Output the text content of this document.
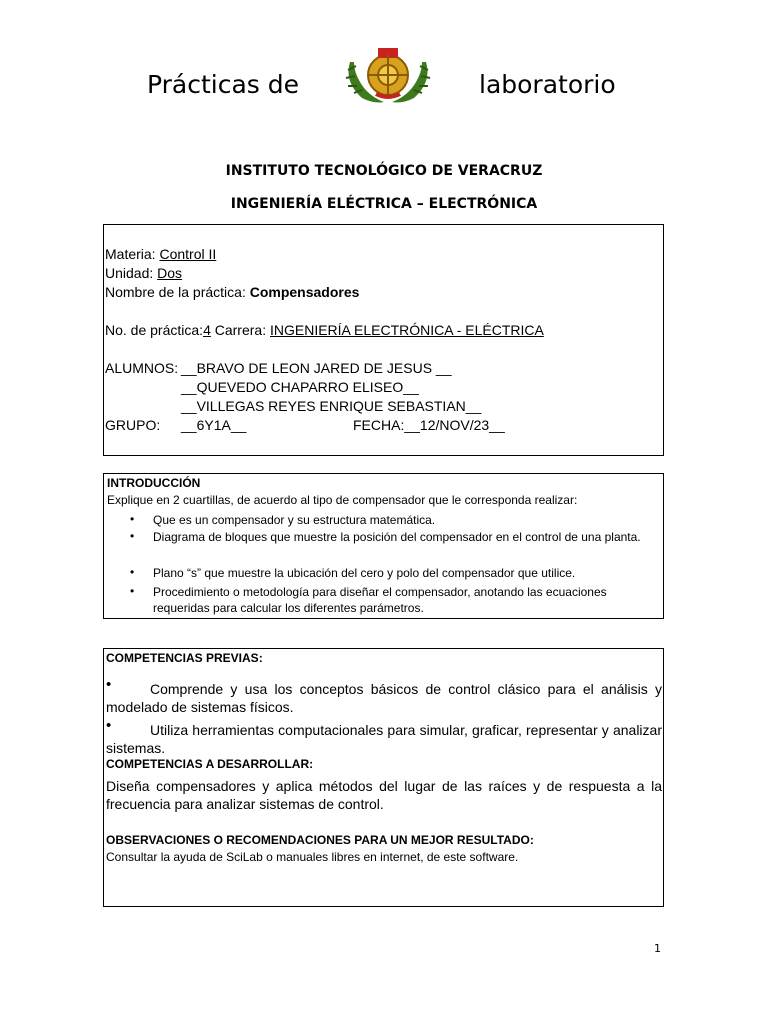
Prácticas de	laboratorio
INSTITUTO TECNOLÓGICO DE VERACRUZ
INGENIERÍA ELÉCTRICA – ELECTRÓNICA
Materia: Control II
Unidad: Dos
Nombre de la práctica: Compensadores
No. de práctica:4 Carrera: INGENIERÍA ELECTRÓNICA - ELÉCTRICA
ALUMNOS: __BRAVO DE LEON JARED DE JESUS __
__QUEVEDO CHAPARRO ELISEO__
__VILLEGAS REYES ENRIQUE SEBASTIAN__
GRUPO: __6Y1A__	FECHA:__12/NOV/23__
INTRODUCCIÓN
Explique en 2 cuartillas, de acuerdo al tipo de compensador que le corresponda realizar:
• Que es un compensador y su estructura matemática.
• Diagrama de bloques que muestre la posición del compensador en el control de una planta.
• Plano “s” que muestre la ubicación del cero y polo del compensador que utilice.
• Procedimiento o metodología para diseñar el compensador, anotando las ecuaciones requeridas para calcular los diferentes parámetros.
COMPETENCIAS PREVIAS:
•	Comprende y usa los conceptos básicos de control clásico para el análisis y modelado de sistemas físicos.
•	Utiliza herramientas computacionales para simular, graficar, representar y analizar sistemas.
COMPETENCIAS A DESARROLLAR:
Diseña compensadores y aplica métodos del lugar de las raíces y de respuesta a la frecuencia para analizar sistemas de control.
OBSERVACIONES O RECOMENDACIONES PARA UN MEJOR RESULTADO:
Consultar la ayuda de SciLab o manuales libres en internet, de este software.
1
